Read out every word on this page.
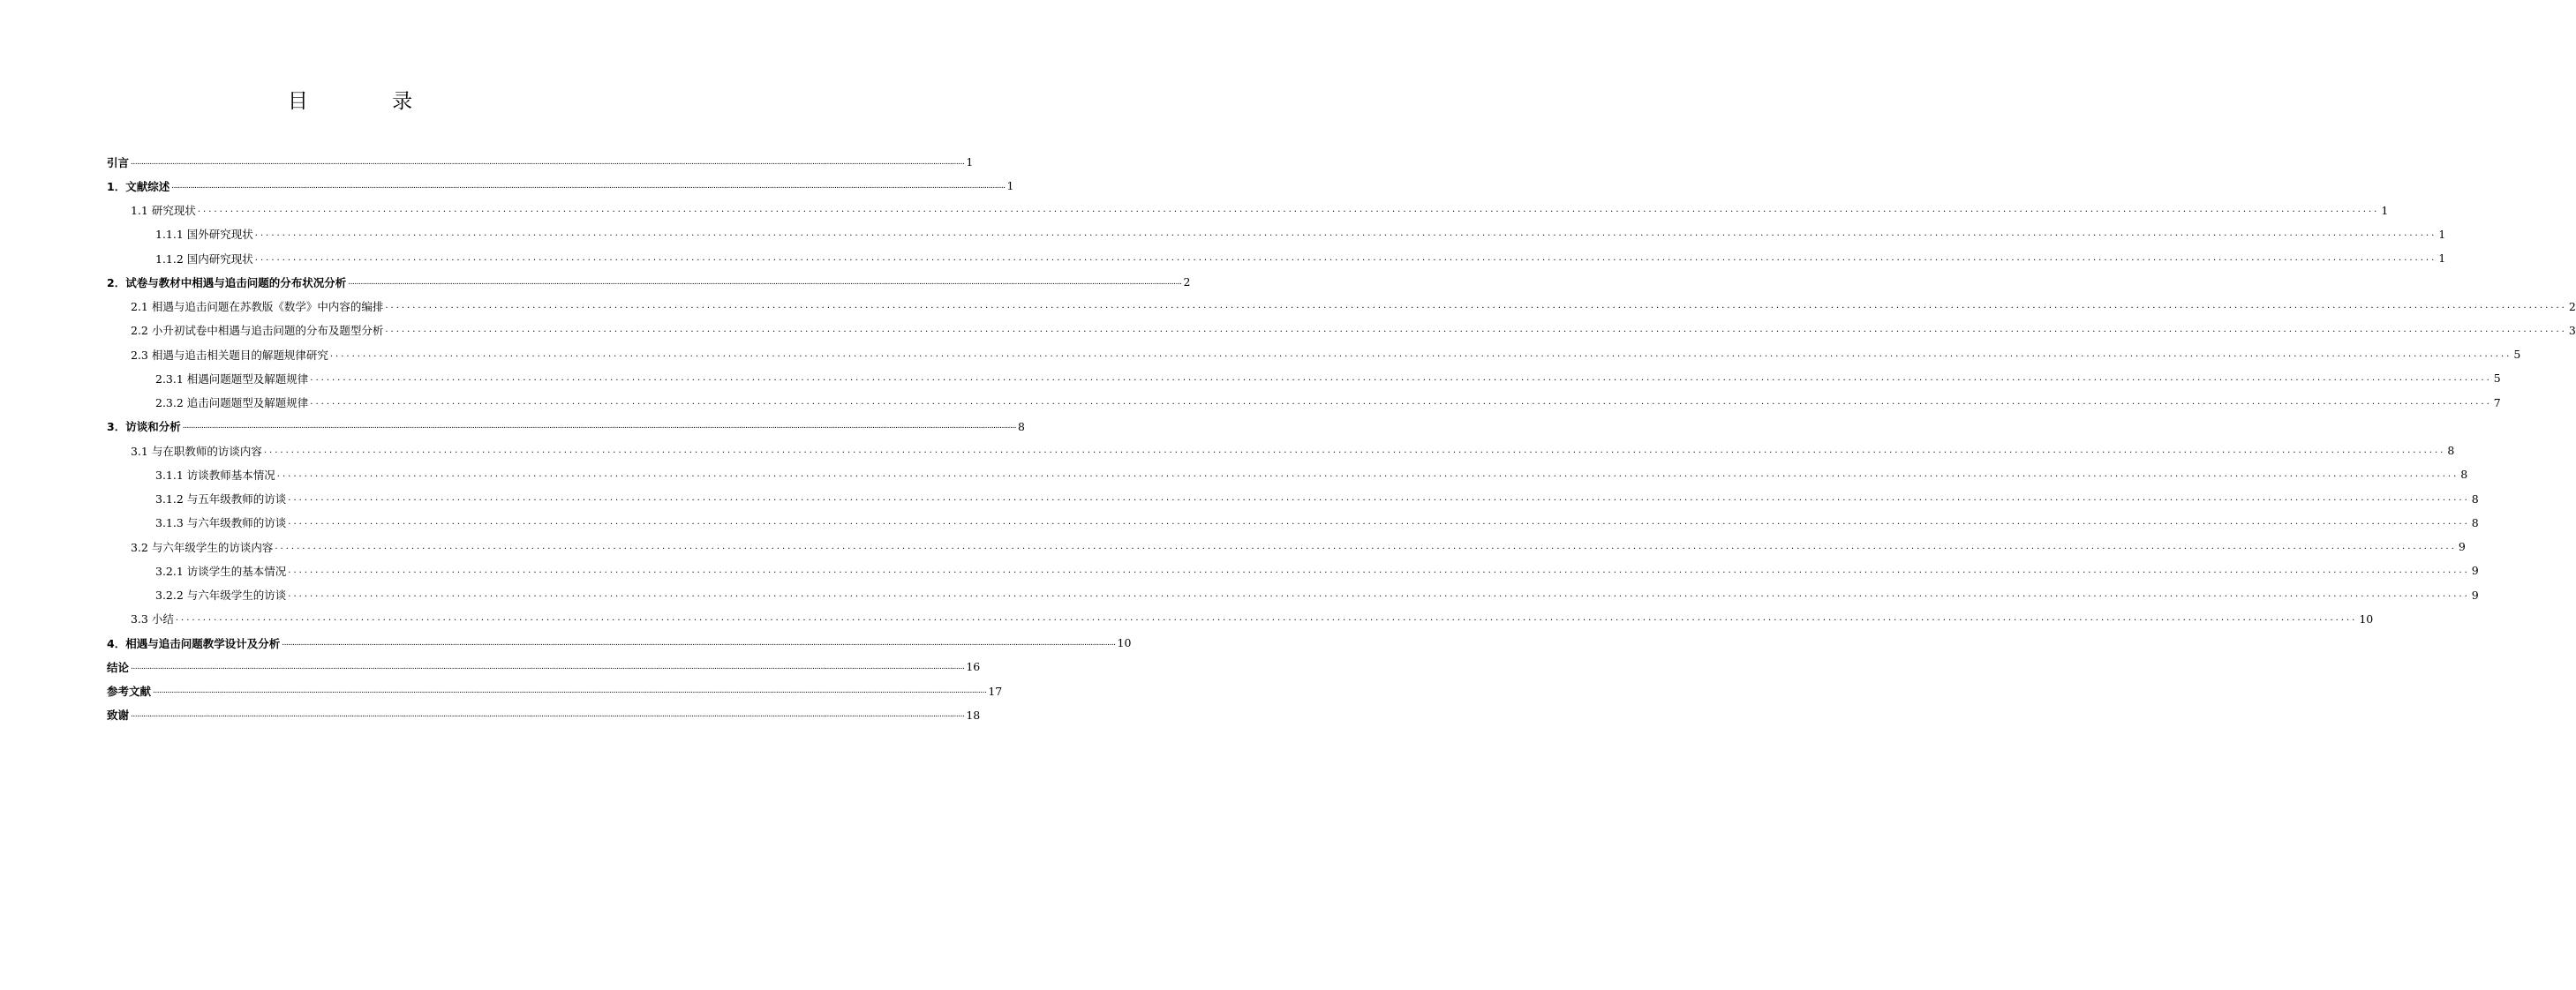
目 录
引言 ................................................................................................................................................................................................................................................................................................................................................................................................................ 1
1．文献综述 ................................................................................................................................................................................................................................................................................................................................................................................................................ 1
1.1 研究现状 ................................................................................................................................................................................................................................................................................................................................................................................................................ 1
1.1.1 国外研究现状 ................................................................................................................................................................................................................................................................................................................................................................................................................ 1
1.1.2 国内研究现状 ................................................................................................................................................................................................................................................................................................................................................................................................................ 1
2．试卷与教材中相遇与追击问题的分布状况分析 ................................................................................................................................................................................................................................................................................................................................................................................................................ 2
2.1 相遇与追击问题在苏教版《数学》中内容的编排 ................................................................................................................................................................................................................................................................................................................................................................................................................ 2
2.2 小升初试卷中相遇与追击问题的分布及题型分析 ................................................................................................................................................................................................................................................................................................................................................................................................................ 3
2.3 相遇与追击相关题目的解题规律研究 ................................................................................................................................................................................................................................................................................................................................................................................................................ 5
2.3.1 相遇问题题型及解题规律 ................................................................................................................................................................................................................................................................................................................................................................................................................ 5
2.3.2 追击问题题型及解题规律 ................................................................................................................................................................................................................................................................................................................................................................................................................ 7
3．访谈和分析 ................................................................................................................................................................................................................................................................................................................................................................................................................ 8
3.1 与在职教师的访谈内容 ................................................................................................................................................................................................................................................................................................................................................................................................................ 8
3.1.1 访谈教师基本情况 ................................................................................................................................................................................................................................................................................................................................................................................................................ 8
3.1.2 与五年级教师的访谈 ................................................................................................................................................................................................................................................................................................................................................................................................................ 8
3.1.3 与六年级教师的访谈 ................................................................................................................................................................................................................................................................................................................................................................................................................ 8
3.2 与六年级学生的访谈内容 ................................................................................................................................................................................................................................................................................................................................................................................................................ 9
3.2.1 访谈学生的基本情况 ................................................................................................................................................................................................................................................................................................................................................................................................................ 9
3.2.2 与六年级学生的访谈 ................................................................................................................................................................................................................................................................................................................................................................................................................ 9
3.3 小结 ................................................................................................................................................................................................................................................................................................................................................................................................................ 10
4．相遇与追击问题教学设计及分析 ................................................................................................................................................................................................................................................................................................................................................................................................................ 10
结论 ................................................................................................................................................................................................................................................................................................................................................................................................................ 16
参考文献 ................................................................................................................................................................................................................................................................................................................................................................................................................ 17
致谢 ................................................................................................................................................................................................................................................................................................................................................................................................................ 18
